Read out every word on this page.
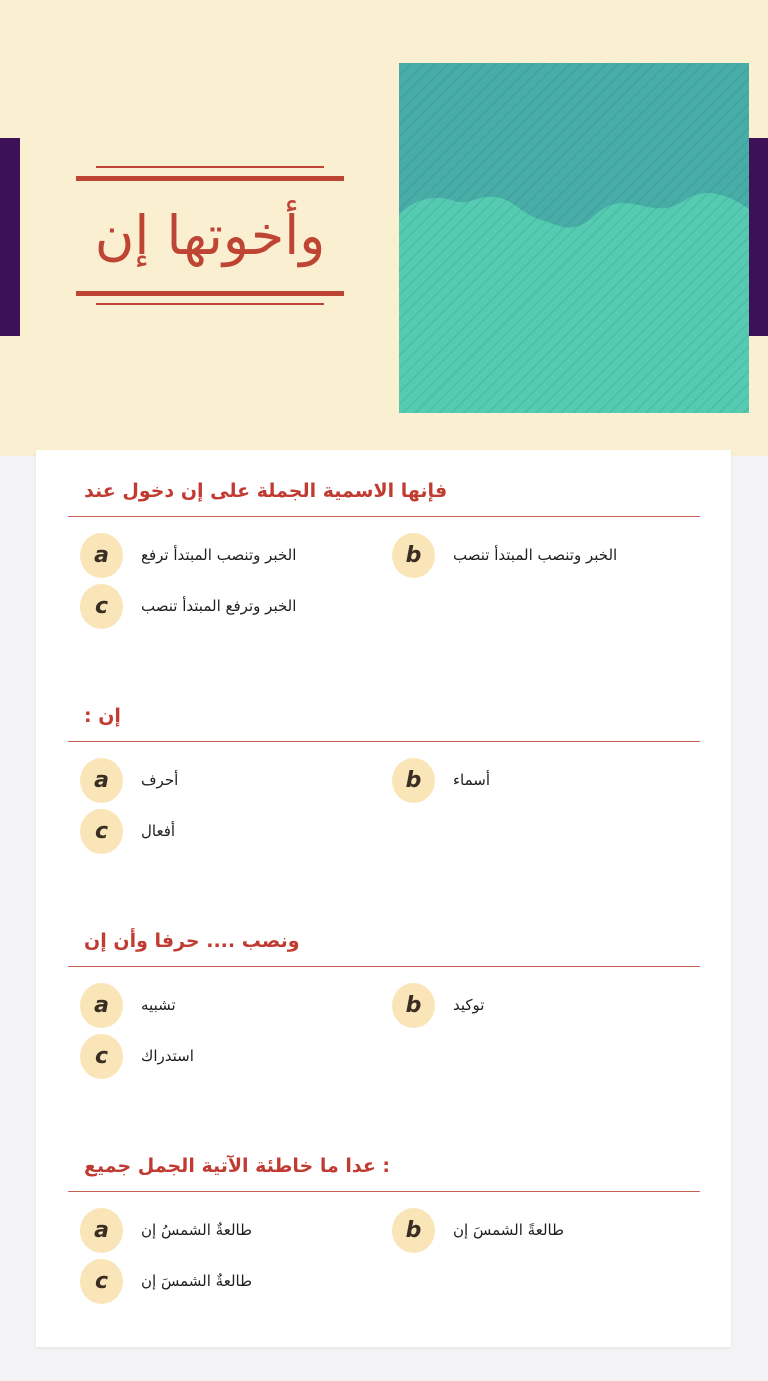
إن ‎وأخوتها
عند ‎دخول ‎إن ‎على ‎الجملة ‎الاسمية ‎فإنها
a	ترفع ‎المبتدأ ‎وتنصب ‎الخبر	b	تنصب ‎المبتدأ ‎وتنصب ‎الخبر
c	تنصب ‎المبتدأ ‎وترفع ‎الخبر
: ‎إن
a	أحرف	b	أسماء
c	أفعال
إن ‎وأن ‎حرفا ‎.... ‎ونصب
a	تشبيه	b	توكيد
c	استدراك
جميع ‎الجمل ‎الآتية ‎خاطئة ‎ما ‎عدا ‎:
a	إن ‎الشمسُ ‎طالعةٌ	b	إن ‎الشمسَ ‎طالعةً
c	إن ‎الشمسَ ‎طالعةٌ
